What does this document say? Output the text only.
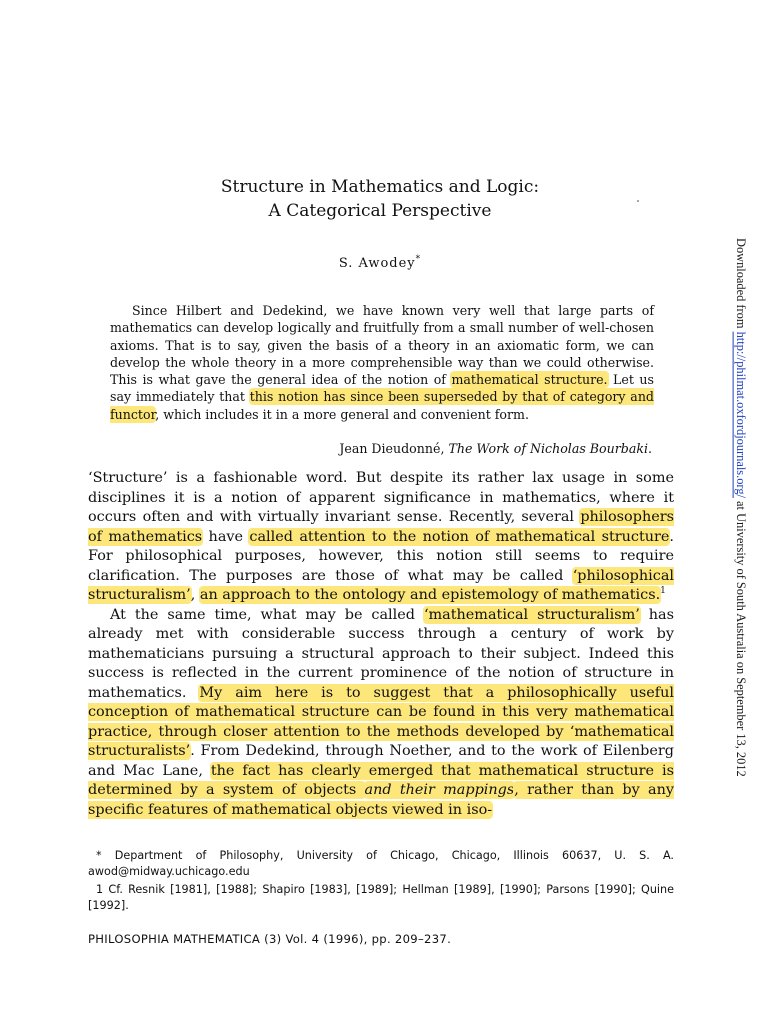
Structure in Mathematics and Logic:
A Categorical Perspective
S. Awodey*

Since Hilbert and Dedekind, we have known very well that large parts of mathematics can develop logically and fruitfully from a small number of well-chosen axioms. That is to say, given the basis of a theory in an axiomatic form, we can develop the whole theory in a more comprehensible way than we could otherwise. This is what gave the general idea of the notion of mathematical structure. Let us say immediately that this notion has since been superseded by that of category and functor, which includes it in a more general and convenient form.

Jean Dieudonné, The Work of Nicholas Bourbaki.

‘Structure’ is a fashionable word. But despite its rather lax usage in some disciplines it is a notion of apparent significance in mathematics, where it occurs often and with virtually invariant sense. Recently, several philosophers of mathematics have called attention to the notion of mathematical structure. For philosophical purposes, however, this notion still seems to require clarification. The purposes are those of what may be called ‘philosophical structuralism’, an approach to the ontology and epistemology of mathematics.$^1$

At the same time, what may be called ‘mathematical structuralism’ has already met with considerable success through a century of work by mathematicians pursuing a structural approach to their subject. Indeed this success is reflected in the current prominence of the notion of structure in mathematics. My aim here is to suggest that a philosophically useful conception of mathematical structure can be found in this very mathematical practice, through closer attention to the methods developed by ‘mathematical structuralists’. From Dedekind, through Noether, and to the work of Eilenberg and Mac Lane, the fact has clearly emerged that mathematical structure is determined by a system of objects and their mappings, rather than by any specific features of mathematical objects viewed in iso-

* Department of Philosophy, University of Chicago, Chicago, Illinois 60637, U. S. A. awod@midway.uchicago.edu

1 Cf. Resnik [1981], [1988]; Shapiro [1983], [1989]; Hellman [1989], [1990]; Parsons [1990]; Quine [1992].

PHILOSOPHIA MATHEMATICA (3) Vol. 4 (1996), pp. 209–237.
Downloaded from http://philmat.oxfordjournals.org/ at University of South Australia on September 13, 2012
